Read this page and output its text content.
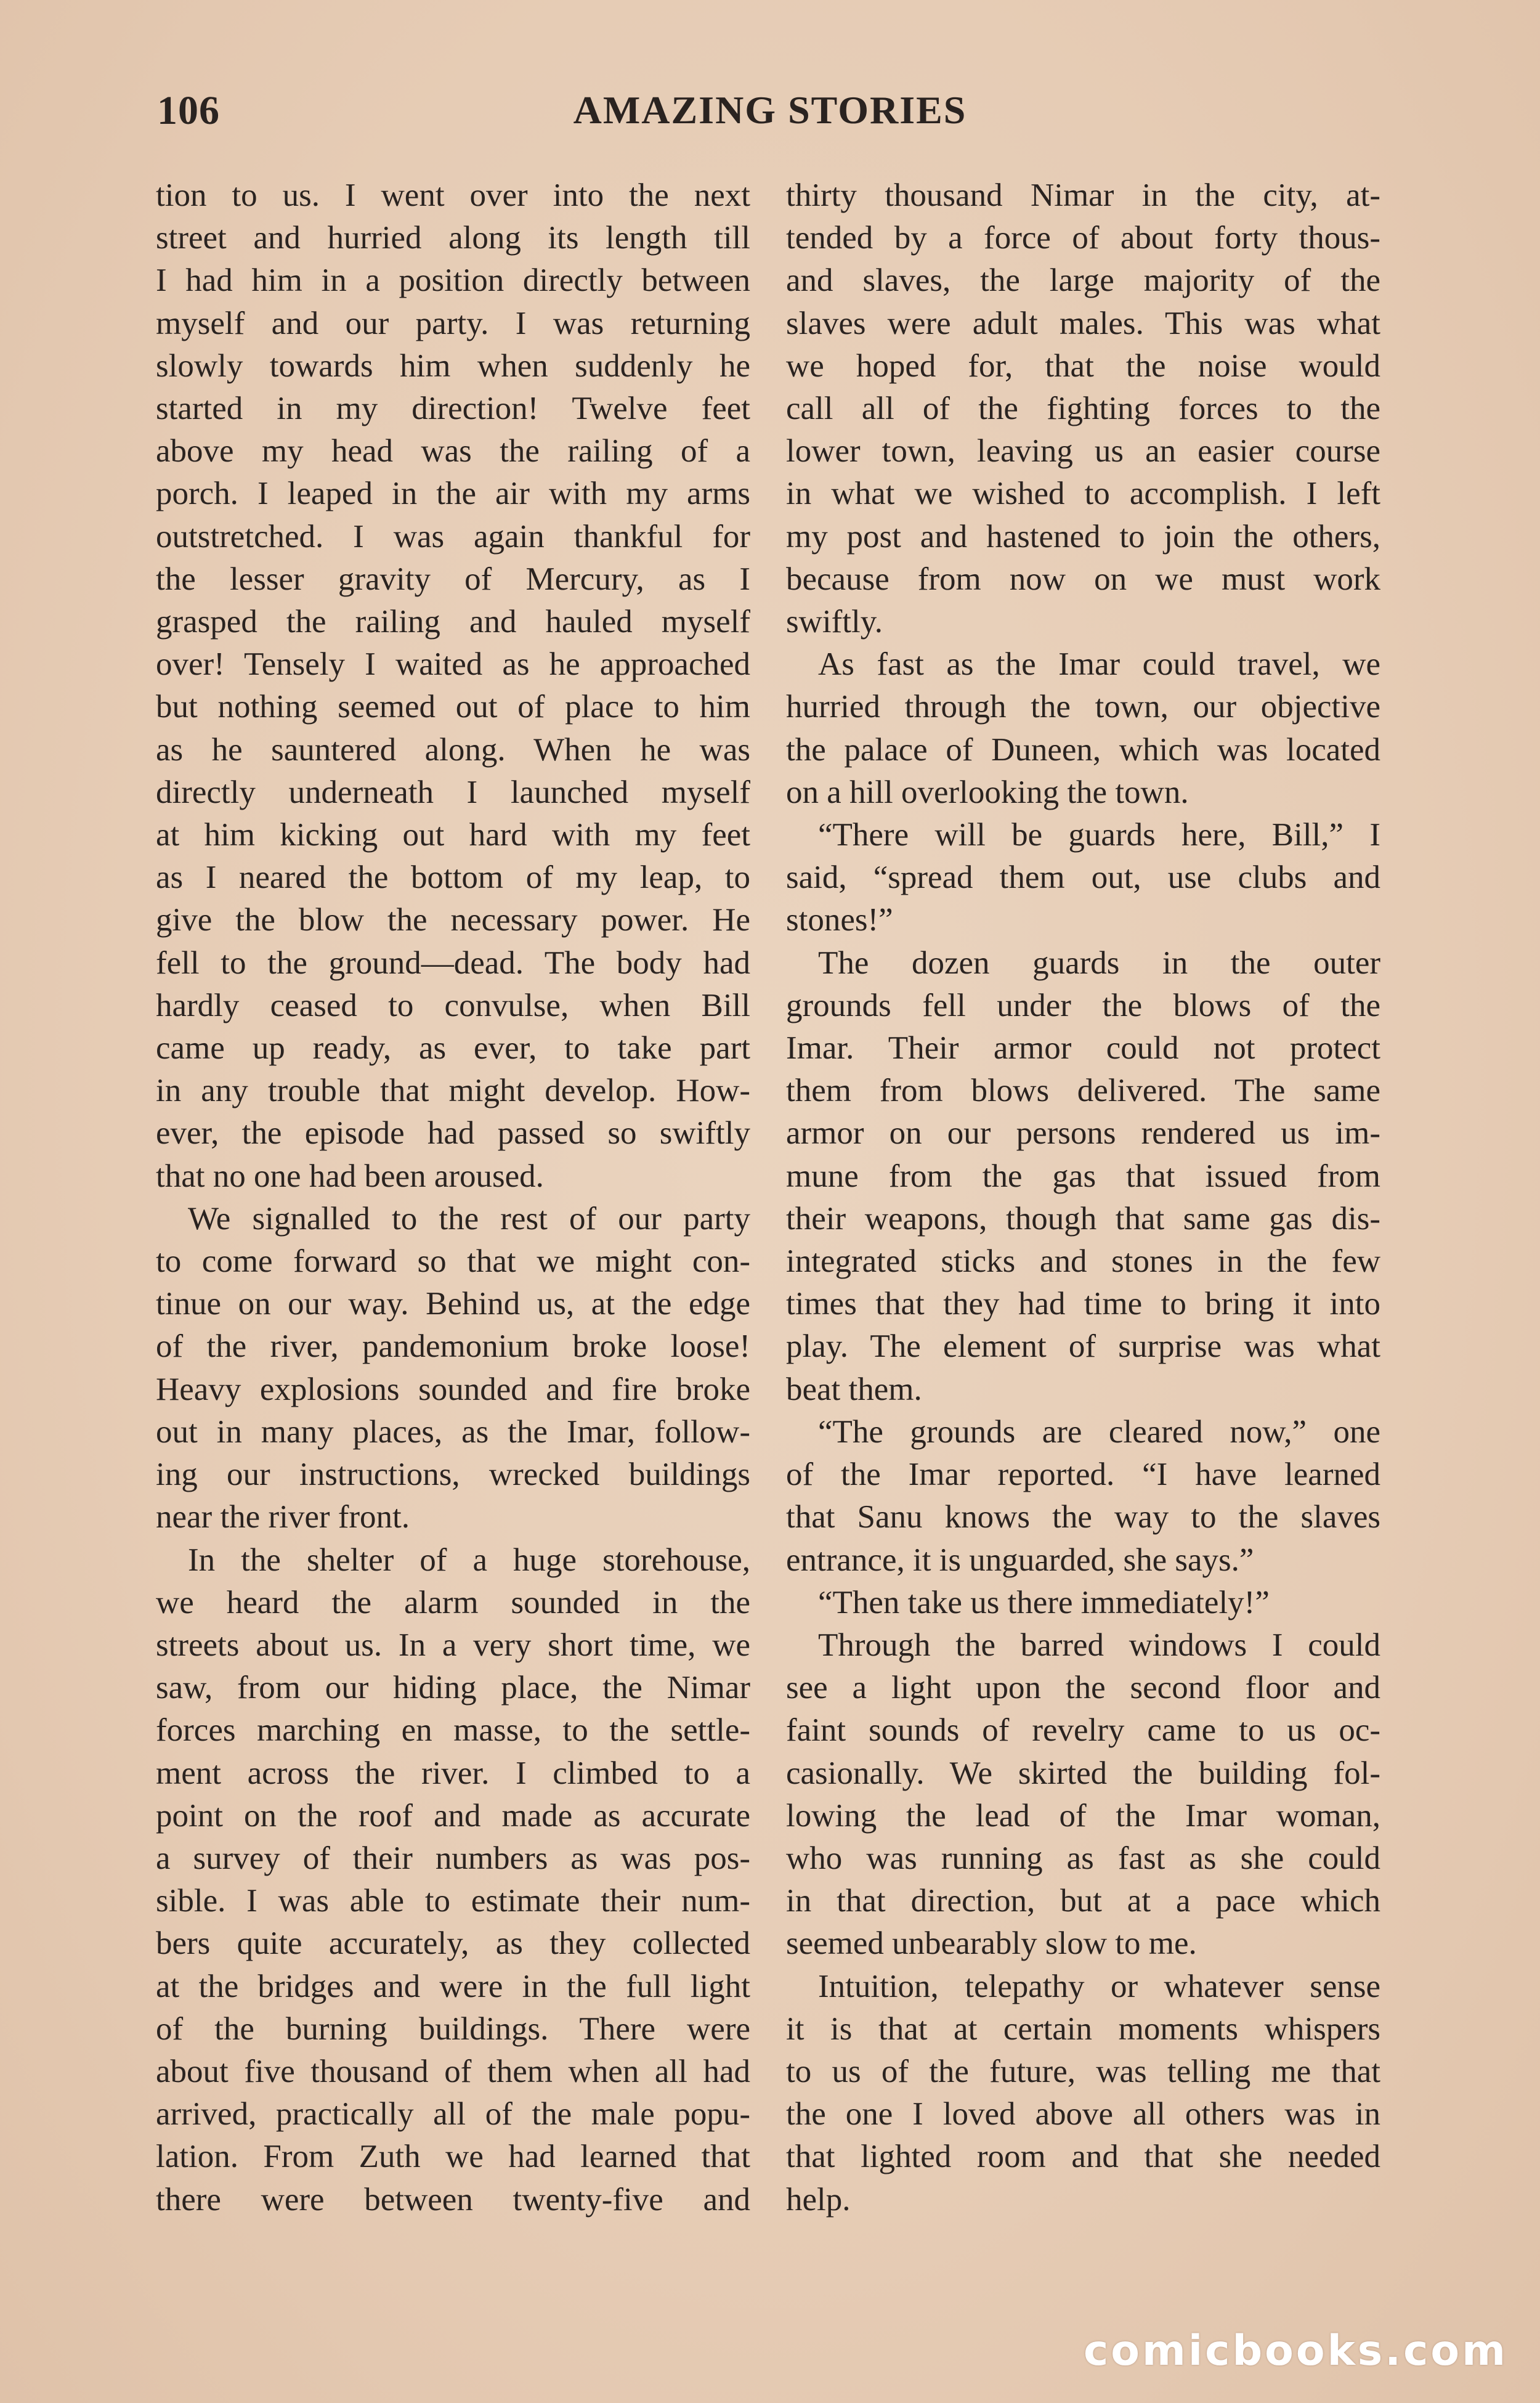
106	AMAZING STORIES
tion to us. I went over into the next
street and hurried along its length till
I had him in a position directly between
myself and our party. I was returning
slowly towards him when suddenly he
started in my direction! Twelve feet
above my head was the railing of a
porch. I leaped in the air with my arms
outstretched. I was again thankful for
the lesser gravity of Mercury, as I
grasped the railing and hauled myself
over! Tensely I waited as he approached
but nothing seemed out of place to him
as he sauntered along. When he was
directly underneath I launched myself
at him kicking out hard with my feet
as I neared the bottom of my leap, to
give the blow the necessary power. He
fell to the ground—dead. The body had
hardly ceased to convulse, when Bill
came up ready, as ever, to take part
in any trouble that might develop. How-
ever, the episode had passed so swiftly
that no one had been aroused.
We signalled to the rest of our party
to come forward so that we might con-
tinue on our way. Behind us, at the edge
of the river, pandemonium broke loose!
Heavy explosions sounded and fire broke
out in many places, as the Imar, follow-
ing our instructions, wrecked buildings
near the river front.
In the shelter of a huge storehouse,
we heard the alarm sounded in the
streets about us. In a very short time, we
saw, from our hiding place, the Nimar
forces marching en masse, to the settle-
ment across the river. I climbed to a
point on the roof and made as accurate
a survey of their numbers as was pos-
sible. I was able to estimate their num-
bers quite accurately, as they collected
at the bridges and were in the full light
of the burning buildings. There were
about five thousand of them when all had
arrived, practically all of the male popu-
lation. From Zuth we had learned that
there were between twenty-five and
thirty thousand Nimar in the city, at-
tended by a force of about forty thous-
and slaves, the large majority of the
slaves were adult males. This was what
we hoped for, that the noise would
call all of the fighting forces to the
lower town, leaving us an easier course
in what we wished to accomplish. I left
my post and hastened to join the others,
because from now on we must work
swiftly.
As fast as the Imar could travel, we
hurried through the town, our objective
the palace of Duneen, which was located
on a hill overlooking the town.
“There will be guards here, Bill,” I
said, “spread them out, use clubs and
stones!”
The dozen guards in the outer
grounds fell under the blows of the
Imar. Their armor could not protect
them from blows delivered. The same
armor on our persons rendered us im-
mune from the gas that issued from
their weapons, though that same gas dis-
integrated sticks and stones in the few
times that they had time to bring it into
play. The element of surprise was what
beat them.
“The grounds are cleared now,” one
of the Imar reported. “I have learned
that Sanu knows the way to the slaves
entrance, it is unguarded, she says.”
“Then take us there immediately!”
Through the barred windows I could
see a light upon the second floor and
faint sounds of revelry came to us oc-
casionally. We skirted the building fol-
lowing the lead of the Imar woman,
who was running as fast as she could
in that direction, but at a pace which
seemed unbearably slow to me.
Intuition, telepathy or whatever sense
it is that at certain moments whispers
to us of the future, was telling me that
the one I loved above all others was in
that lighted room and that she needed
help.
comicbooks.com
